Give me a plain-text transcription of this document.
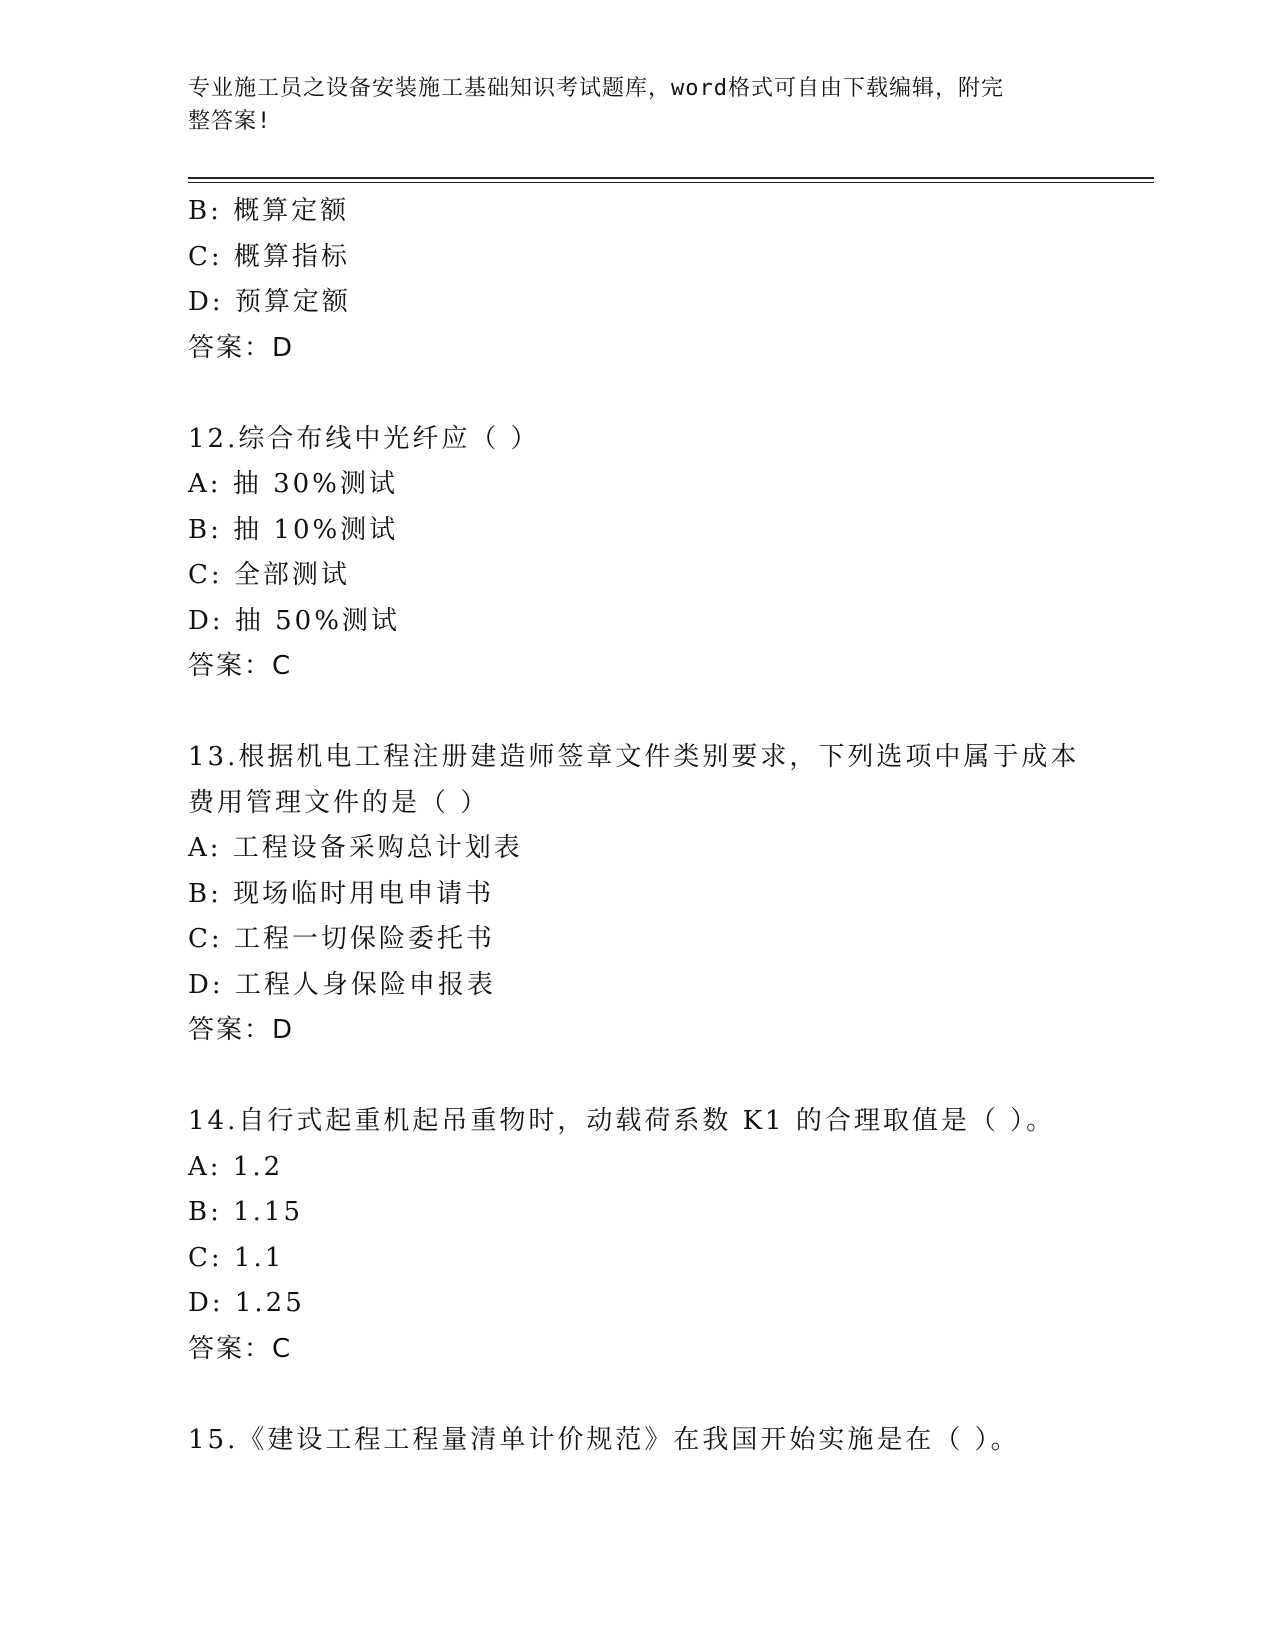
专业施工员之设备安装施工基础知识考试题库，word格式可自由下载编辑，附完
整答案!
B: 概算定额
C: 概算指标
D: 预算定额
答案：D
12.综合布线中光纤应（ ）
A: 抽 30%测试
B: 抽 10%测试
C: 全部测试
D: 抽 50%测试
答案：C
13.根据机电工程注册建造师签章文件类别要求，下列选项中属于成本
费用管理文件的是（ ）
A: 工程设备采购总计划表
B: 现场临时用电申请书
C: 工程一切保险委托书
D: 工程人身保险申报表
答案：D
14.自行式起重机起吊重物时，动载荷系数 K1 的合理取值是（ ）。
A: 1.2
B: 1.15
C: 1.1
D: 1.25
答案：C
15.《建设工程工程量清单计价规范》在我国开始实施是在（ ）。
